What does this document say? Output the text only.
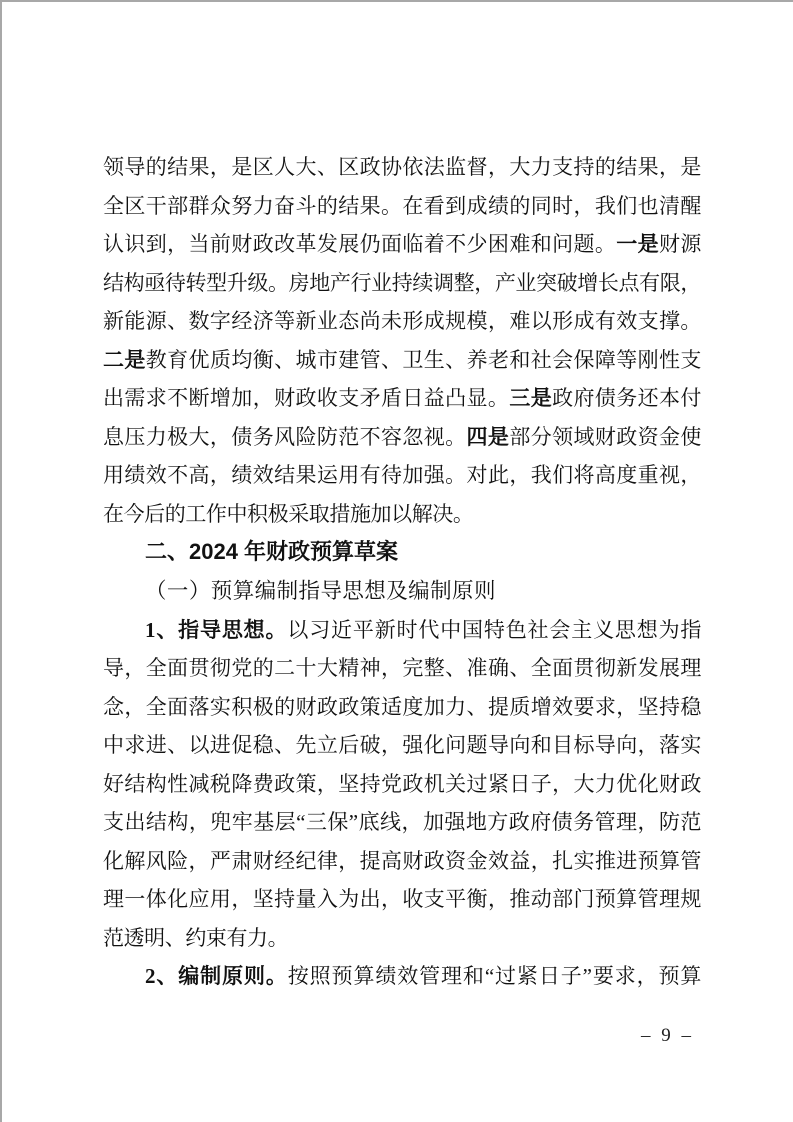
领导的结果，是区人大、区政协依法监督，大力支持的结果，是
全区干部群众努力奋斗的结果。在看到成绩的同时，我们也清醒
认识到，当前财政改革发展仍面临着不少困难和问题。一是财源
结构亟待转型升级。房地产行业持续调整，产业突破增长点有限，
新能源、数字经济等新业态尚未形成规模，难以形成有效支撑。
二是教育优质均衡、城市建管、卫生、养老和社会保障等刚性支
出需求不断增加，财政收支矛盾日益凸显。三是政府债务还本付
息压力极大，债务风险防范不容忽视。四是部分领域财政资金使
用绩效不高，绩效结果运用有待加强。对此，我们将高度重视，
在今后的工作中积极采取措施加以解决。
二、2024 年财政预算草案
（一）预算编制指导思想及编制原则
1、指导思想。以习近平新时代中国特色社会主义思想为指
导，全面贯彻党的二十大精神，完整、准确、全面贯彻新发展理
念，全面落实积极的财政政策适度加力、提质增效要求，坚持稳
中求进、以进促稳、先立后破，强化问题导向和目标导向，落实
好结构性减税降费政策，坚持党政机关过紧日子，大力优化财政
支出结构，兜牢基层“三保”底线，加强地方政府债务管理，防范
化解风险，严肃财经纪律，提高财政资金效益，扎实推进预算管
理一体化应用，坚持量入为出，收支平衡，推动部门预算管理规
范透明、约束有力。
2、编制原则。按照预算绩效管理和“过紧日子”要求，预算
– 9 –
